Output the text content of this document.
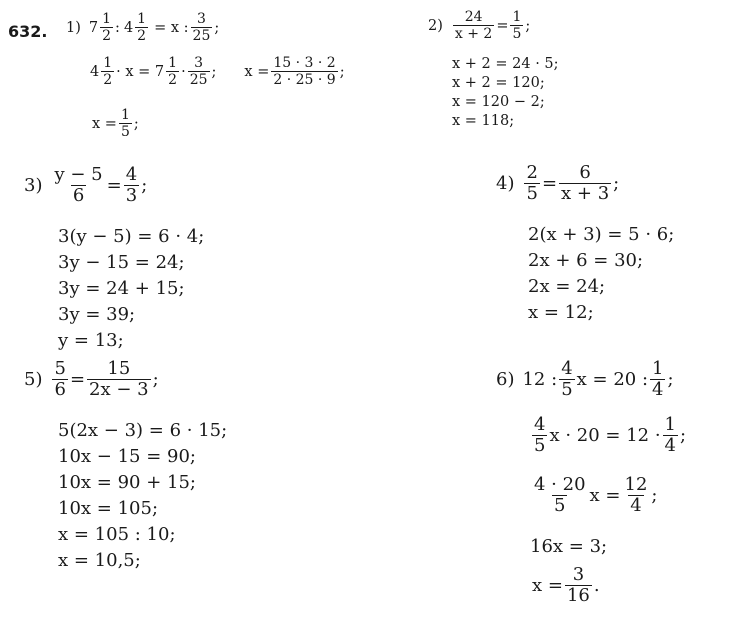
632. 1) $7 \frac{1}{2}$ : $4 \frac{1}{2} = x$ : $\frac{3}{25}$ ;
$4 \frac{1}{2} \cdot x = 7 \frac{1}{2} \cdot \frac{3}{25}$ ; $x = \frac{15 \cdot 3 \cdot 2}{2 \cdot 25 \cdot 9}$ ;
$x = \frac{1}{5}$ ;
$2) \frac{24}{x + 2} = \frac{1}{5}$ ;
x + 2 = 24 · 5;
x + 2 = 120;
x = 120 − 2;
x = 118;
$3) \frac{y - 5}{6} = \frac{4}{3}$ ;
3(y − 5) = 6 · 4;
3y − 15 = 24;
3y = 24 + 15;
3y = 39;
y = 13;
$4) \frac{2}{5} = \frac{6}{x + 3}$ ;
2(x + 3) = 5 · 6;
2x + 6 = 30;
2x = 24;
x = 12;
$5) \frac{5}{6} = \frac{15}{2x - 3}$ ;
5(2x − 3) = 6 · 15;
10x − 15 = 90;
10x = 90 + 15;
10x = 105;
x = 105 : 10;
x = 10,5;
6) 12 : $\frac{4}{5}$ x = 20 : $\frac{1}{4}$ ;
$\frac{4}{5}$ $x \cdot 20 = 12 \cdot \frac{1}{4}$ ;
$\frac{4 \cdot 20}{5}$ $x = \frac{12}{4}$ ;
16x = 3;
$x = \frac{3}{16}$ .
